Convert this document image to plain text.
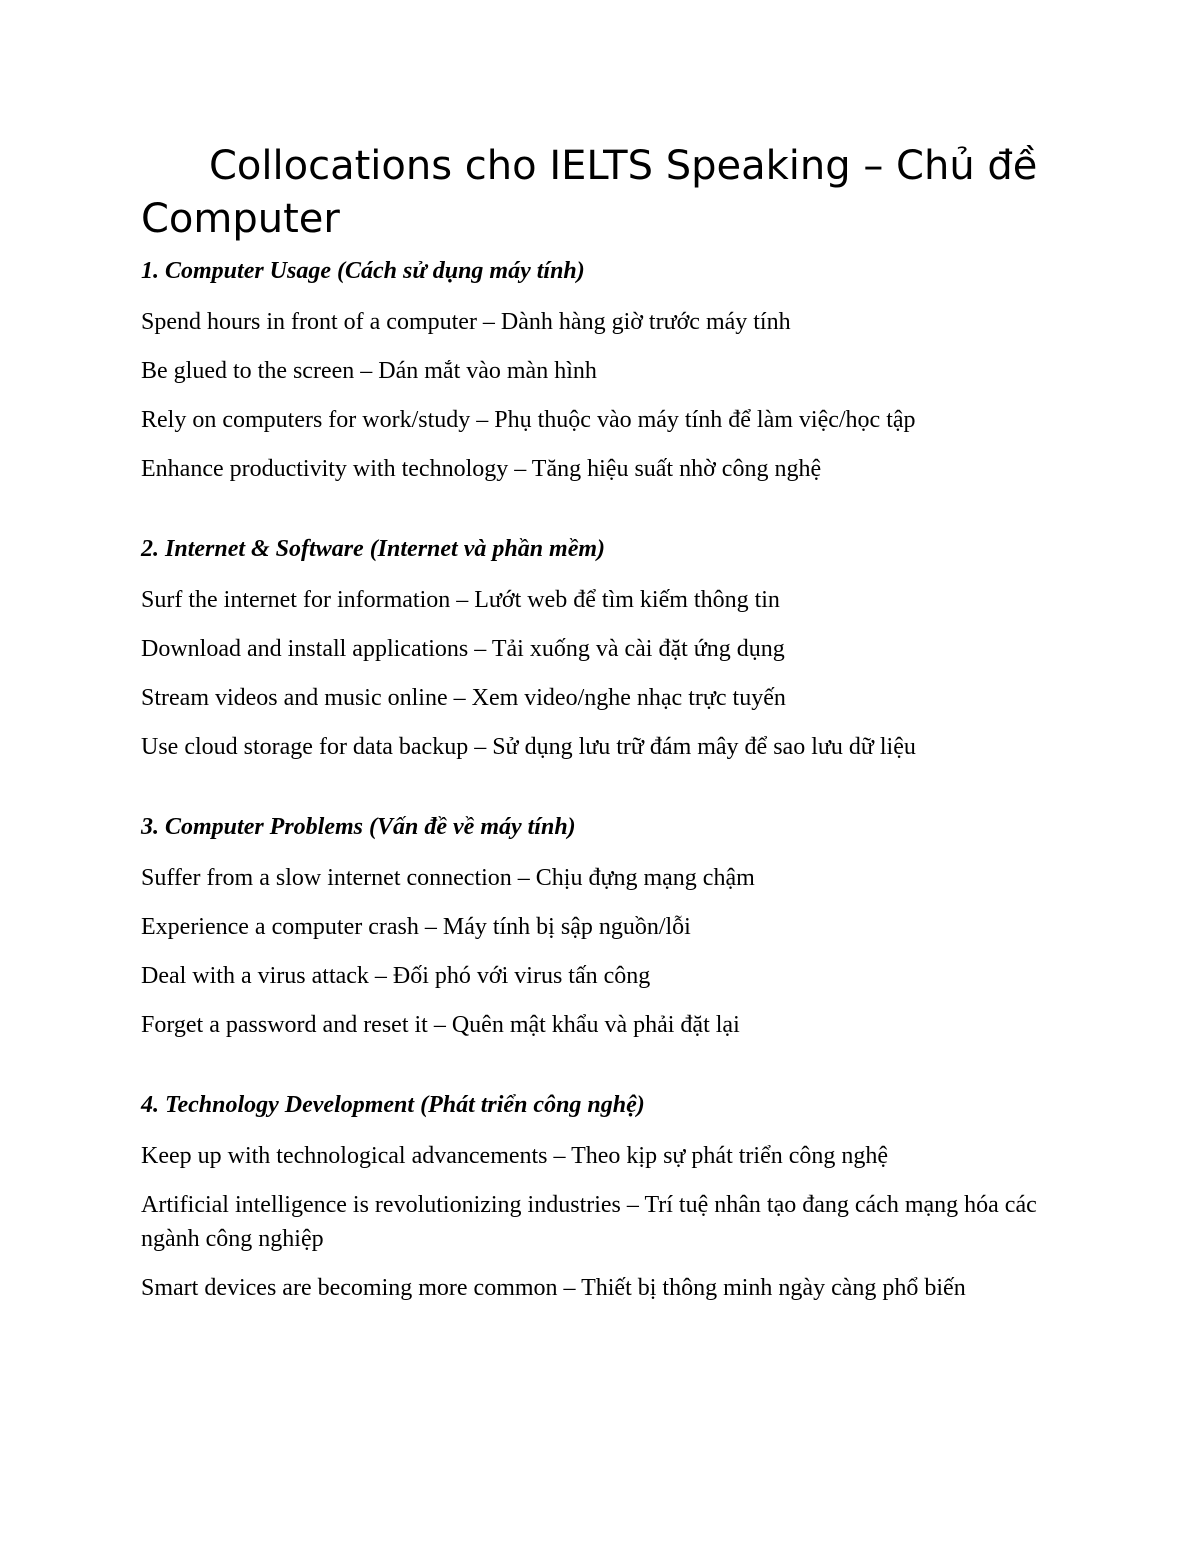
Collocations cho IELTS Speaking – Chủ đề Computer

1. Computer Usage (Cách sử dụng máy tính)

Spend hours in front of a computer – Dành hàng giờ trước máy tính

Be glued to the screen – Dán mắt vào màn hình

Rely on computers for work/study – Phụ thuộc vào máy tính để làm việc/học tập

Enhance productivity with technology – Tăng hiệu suất nhờ công nghệ

2. Internet & Software (Internet và phần mềm)

Surf the internet for information – Lướt web để tìm kiếm thông tin

Download and install applications – Tải xuống và cài đặt ứng dụng

Stream videos and music online – Xem video/nghe nhạc trực tuyến

Use cloud storage for data backup – Sử dụng lưu trữ đám mây để sao lưu dữ liệu

3. Computer Problems (Vấn đề về máy tính)

Suffer from a slow internet connection – Chịu đựng mạng chậm

Experience a computer crash – Máy tính bị sập nguồn/lỗi

Deal with a virus attack – Đối phó với virus tấn công

Forget a password and reset it – Quên mật khẩu và phải đặt lại

4. Technology Development (Phát triển công nghệ)

Keep up with technological advancements – Theo kịp sự phát triển công nghệ

Artificial intelligence is revolutionizing industries – Trí tuệ nhân tạo đang cách mạng hóa các ngành công nghiệp

Smart devices are becoming more common – Thiết bị thông minh ngày càng phổ biến
